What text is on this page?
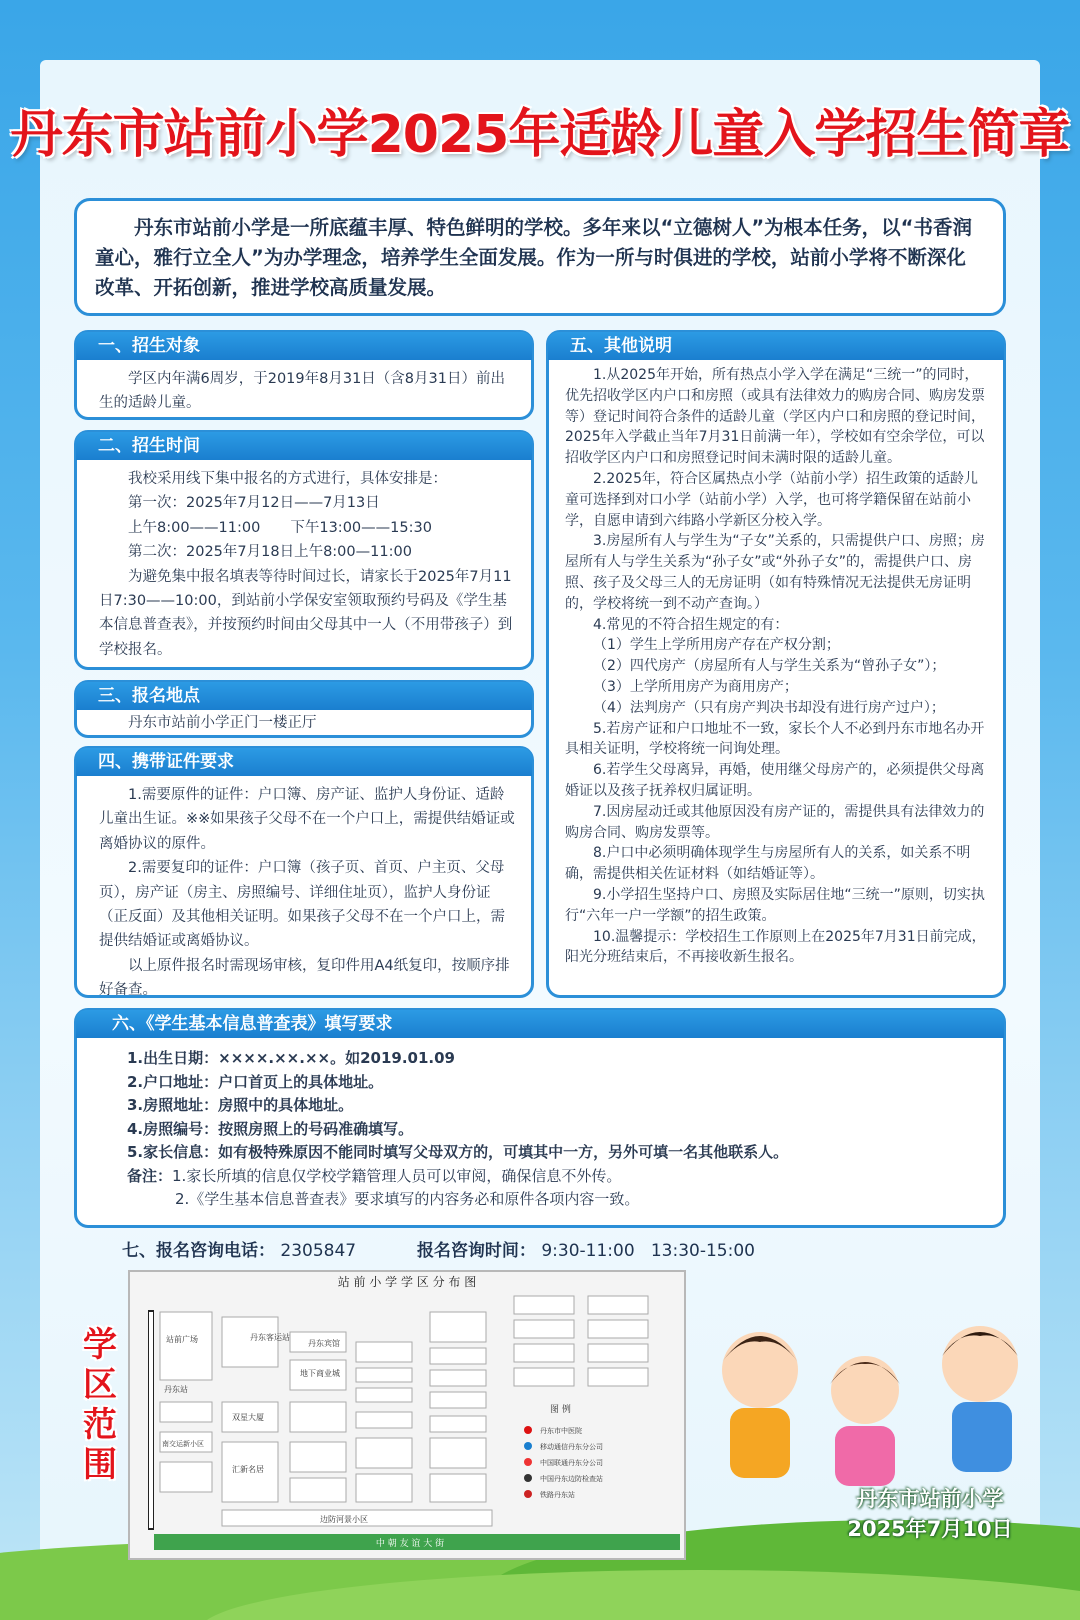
丹东市站前小学2025年适龄儿童入学招生简章
丹东市站前小学是一所底蕴丰厚、特色鲜明的学校。多年来以“立德树人”为根本任务，以“书香润童心，雅行立全人”为办学理念，培养学生全面发展。作为一所与时俱进的学校，站前小学将不断深化改革、开拓创新，推进学校高质量发展。
一、招生对象

学区内年满6周岁，于2019年8月31日（含8月31日）前出生的适龄儿童。

二、招生时间

我校采用线下集中报名的方式进行，具体安排是：

第一次：2025年7月12日——7月13日

上午8:00——11:00 下午13:00——15:30

第二次：2025年7月18日上午8:00—11:00

为避免集中报名填表等待时间过长，请家长于2025年7月11日7:30——10:00，到站前小学保安室领取预约号码及《学生基本信息普查表》，并按预约时间由父母其中一人（不用带孩子）到学校报名。

三、报名地点

丹东市站前小学正门一楼正厅

四、携带证件要求

1.需要原件的证件：户口簿、房产证、监护人身份证、适龄儿童出生证。※※如果孩子父母不在一个户口上，需提供结婚证或离婚协议的原件。

2.需要复印的证件：户口簿（孩子页、首页、户主页、父母页），房产证（房主、房照编号、详细住址页），监护人身份证（正反面）及其他相关证明。如果孩子父母不在一个户口上，需提供结婚证或离婚协议。

以上原件报名时需现场审核，复印件用A4纸复印，按顺序排好备查。

五、其他说明

1.从2025年开始，所有热点小学入学在满足“三统一”的同时，优先招收学区内户口和房照（或具有法律效力的购房合同、购房发票等）登记时间符合条件的适龄儿童（学区内户口和房照的登记时间，2025年入学截止当年7月31日前满一年），学校如有空余学位，可以招收学区内户口和房照登记时间未满时限的适龄儿童。

2.2025年，符合区属热点小学（站前小学）招生政策的适龄儿童可选择到对口小学（站前小学）入学，也可将学籍保留在站前小学，自愿申请到六纬路小学新区分校入学。

3.房屋所有人与学生为“子女”关系的，只需提供户口、房照；房屋所有人与学生关系为“孙子女”或“外孙子女”的，需提供户口、房照、孩子及父母三人的无房证明（如有特殊情况无法提供无房证明的，学校将统一到不动产查询。）

4.常见的不符合招生规定的有：

（1）学生上学所用房产存在产权分割；

（2）四代房产（房屋所有人与学生关系为“曾孙子女”）；

（3）上学所用房产为商用房产；

（4）法判房产（只有房产判决书却没有进行房产过户）；

5.若房产证和户口地址不一致，家长个人不必到丹东市地名办开具相关证明，学校将统一问询处理。

6.若学生父母离异，再婚，使用继父母房产的，必须提供父母离婚证以及孩子抚养权归属证明。

7.因房屋动迁或其他原因没有房产证的，需提供具有法律效力的购房合同、购房发票等。

8.户口中必须明确体现学生与房屋所有人的关系，如关系不明确，需提供相关佐证材料（如结婚证等）。

9.小学招生坚持户口、房照及实际居住地“三统一”原则，切实执行“六年一户一学额”的招生政策。

10.温馨提示：学校招生工作原则上在2025年7月31日前完成，阳光分班结束后，不再接收新生报名。

六、《学生基本信息普查表》填写要求
1.出生日期： ××××.××.××。如2019.01.09
2.户口地址： 户口首页上的具体地址。
3.房照地址： 房照中的具体地址。
4.房照编号： 按照房照上的号码准确填写。
5.家长信息： 如有极特殊原因不能同时填写父母双方的，可填其中一方，另外可填一名其他联系人。
备注： 1.家长所填的信息仅学校学籍管理人员可以审阅，确保信息不外传。
2.《学生基本信息普查表》要求填写的内容务必和原件各项内容一致。
七、报名咨询电话： 2305847	报名咨询时间： 9:30-11:00   13:30-15:00
学区范围
站 前 小 学 学 区 分 布 图
丹东客运站
丹东宾馆
地下商业城
双星大厦
汇新名居
南交运新小区
丹东站
站前广场
边防河景小区
图 例
丹东市中医院
移动通信丹东分公司
中国联通丹东分公司
中国丹东边防检查站
铁路丹东站
中 朝 友 谊 大 街
丹东市站前小学
2025年7月10日
